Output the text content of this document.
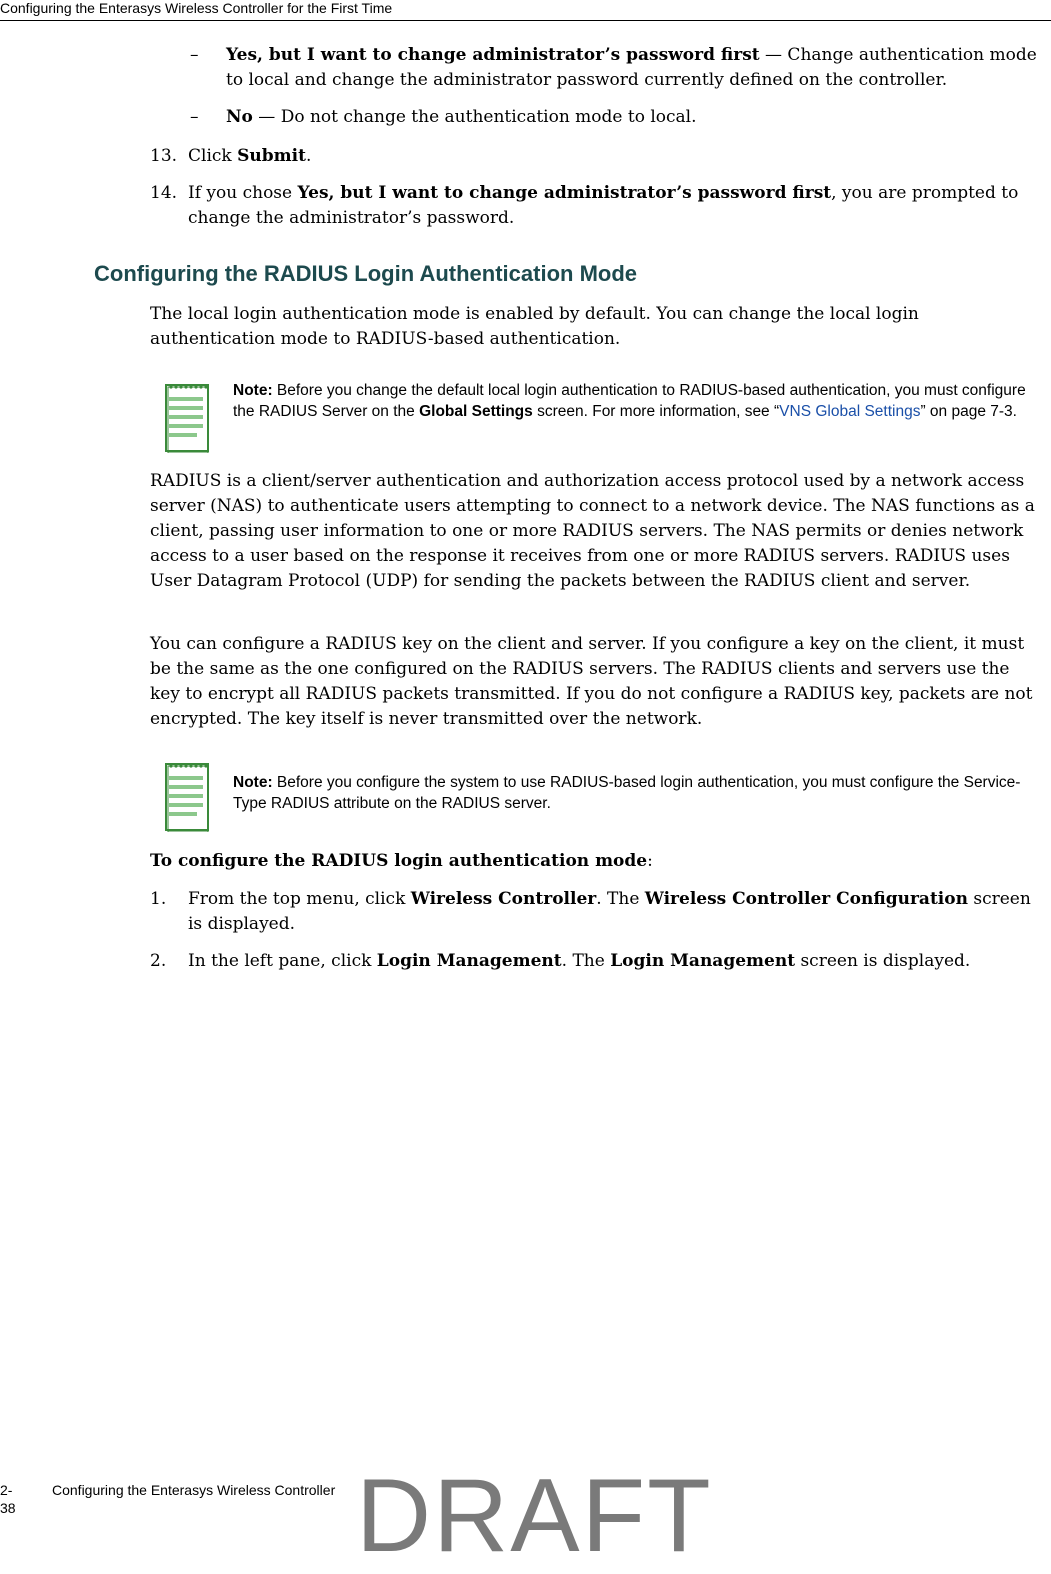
Configuring the Enterasys Wireless Controller for the First Time
– Yes, but I want to change administrator’s password first — Change authentication mode to local and change the administrator password currently defined on the controller.
– No — Do not change the authentication mode to local.
13. Click Submit.
14. If you chose Yes, but I want to change administrator’s password first, you are prompted to change the administrator’s password.
Configuring the RADIUS Login Authentication Mode
The local login authentication mode is enabled by default. You can change the local login authentication mode to RADIUS-based authentication.
Note: Before you change the default local login authentication to RADIUS-based authentication, you must configure the RADIUS Server on the Global Settings screen. For more information, see “VNS Global Settings” on page 7-3.
RADIUS is a client/server authentication and authorization access protocol used by a network access server (NAS) to authenticate users attempting to connect to a network device. The NAS functions as a client, passing user information to one or more RADIUS servers. The NAS permits or denies network access to a user based on the response it receives from one or more RADIUS servers. RADIUS uses User Datagram Protocol (UDP) for sending the packets between the RADIUS client and server.
You can configure a RADIUS key on the client and server. If you configure a key on the client, it must be the same as the one configured on the RADIUS servers. The RADIUS clients and servers use the key to encrypt all RADIUS packets transmitted. If you do not configure a RADIUS key, packets are not encrypted. The key itself is never transmitted over the network.
Note: Before you configure the system to use RADIUS-based login authentication, you must configure the Service-Type RADIUS attribute on the RADIUS server.
To configure the RADIUS login authentication mode:
1. From the top menu, click Wireless Controller. The Wireless Controller Configuration screen is displayed.
2. In the left pane, click Login Management. The Login Management screen is displayed.
DRAFT
2-38
Configuring the Enterasys Wireless Controller
